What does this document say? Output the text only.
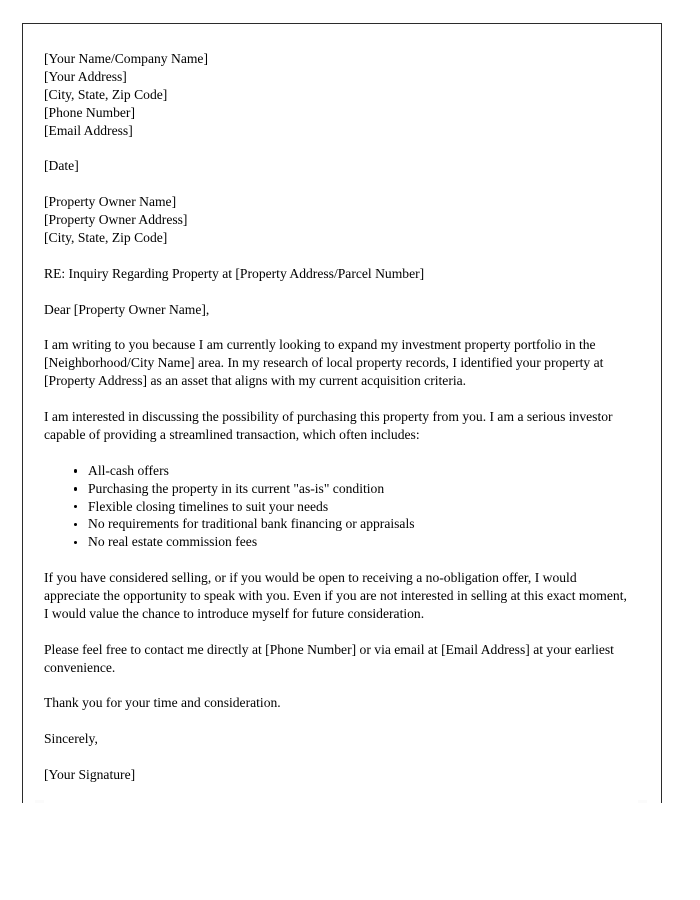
[Your Name/Company Name]
[Your Address]
[City, State, Zip Code]
[Phone Number]
[Email Address]
[Date]
[Property Owner Name]
[Property Owner Address]
[City, State, Zip Code]
RE: Inquiry Regarding Property at [Property Address/Parcel Number]
Dear [Property Owner Name],

I am writing to you because I am currently looking to expand my investment property portfolio in the [Neighborhood/City Name] area. In my research of local property records, I identified your property at [Property Address] as an asset that aligns with my current acquisition criteria.

I am interested in discussing the possibility of purchasing this property from you. I am a serious investor capable of providing a streamlined transaction, which often includes:

All-cash offers
Purchasing the property in its current "as-is" condition
Flexible closing timelines to suit your needs
No requirements for traditional bank financing or appraisals
No real estate commission fees

If you have considered selling, or if you would be open to receiving a no-obligation offer, I would appreciate the opportunity to speak with you. Even if you are not interested in selling at this exact moment, I would value the chance to introduce myself for future consideration.

Please feel free to contact me directly at [Phone Number] or via email at [Email Address] at your earliest convenience.

Thank you for your time and consideration.
Sincerely,
[Your Signature]
